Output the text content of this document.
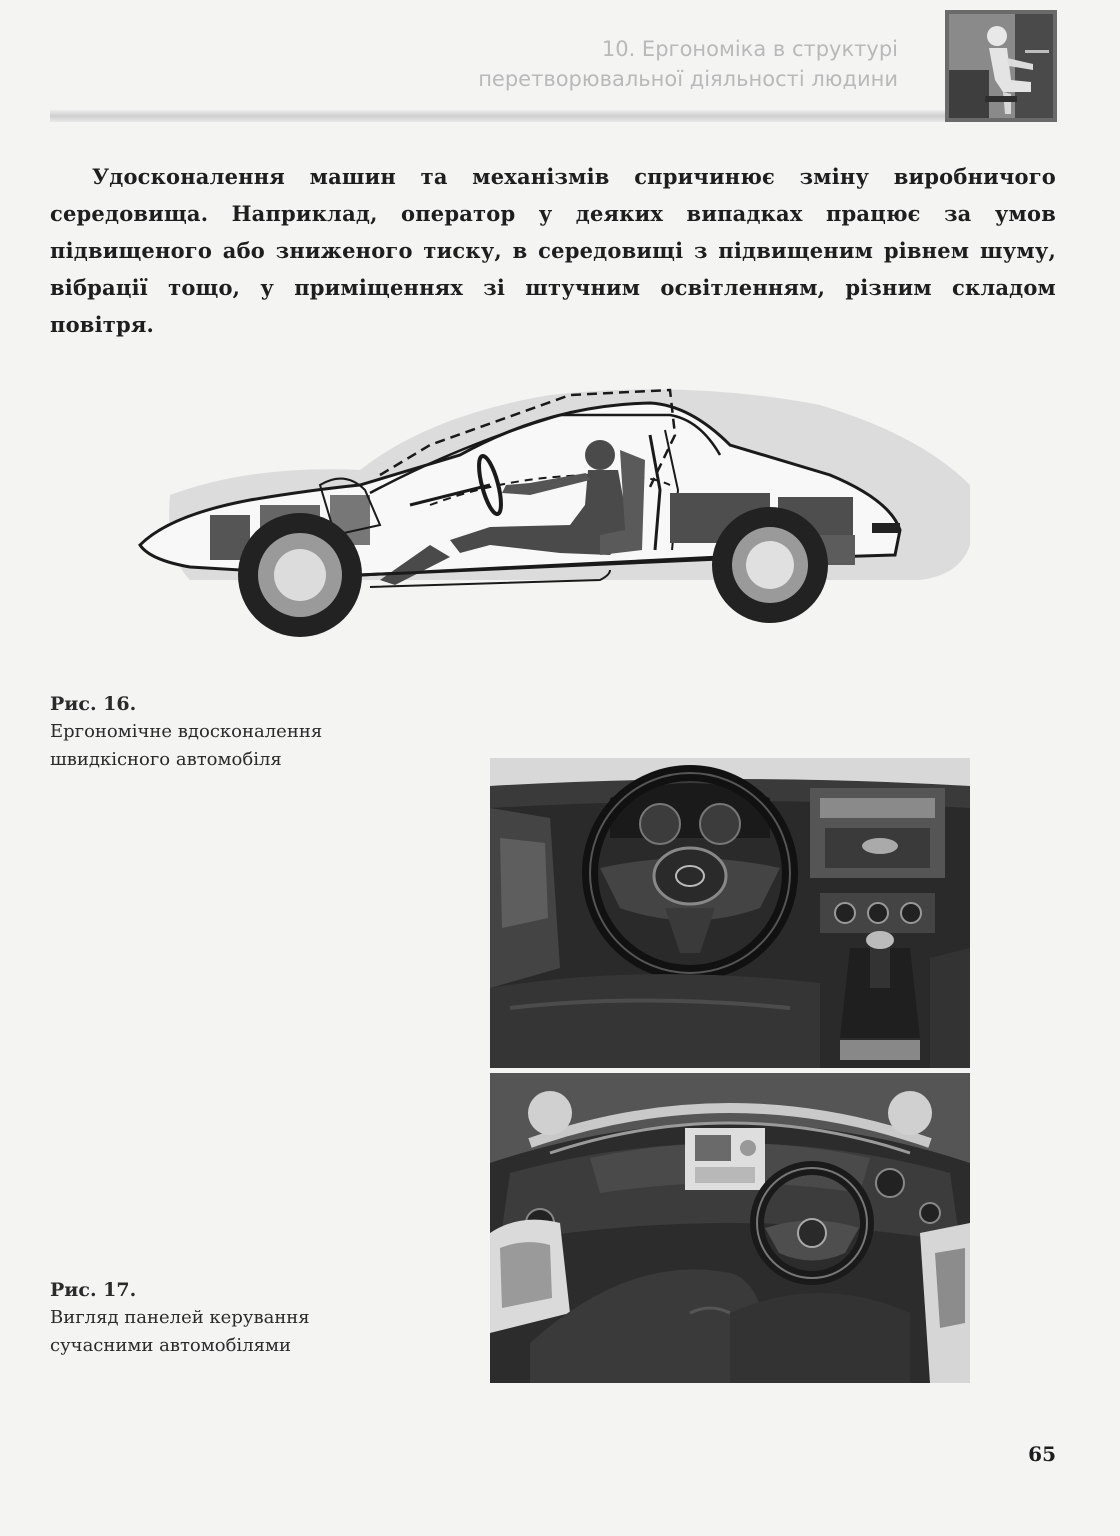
10. Ергономіка в структурі
перетворювальної діяльності людини

Удосконалення машин та механізмів спричинює зміну виробничого середовища. Наприклад, оператор у деяких випадках працює за умов підвищеного або зниженого тиску, в середовищі з підвищеним рівнем шуму, вібрації тощо, у приміщеннях зі штучним освітленням, різним складом повітря.

Рис. 16.
Ергономічне вдосконалення
швидкісного автомобіля
Рис. 17.
Вигляд панелей керування
сучасними автомобілями
65
